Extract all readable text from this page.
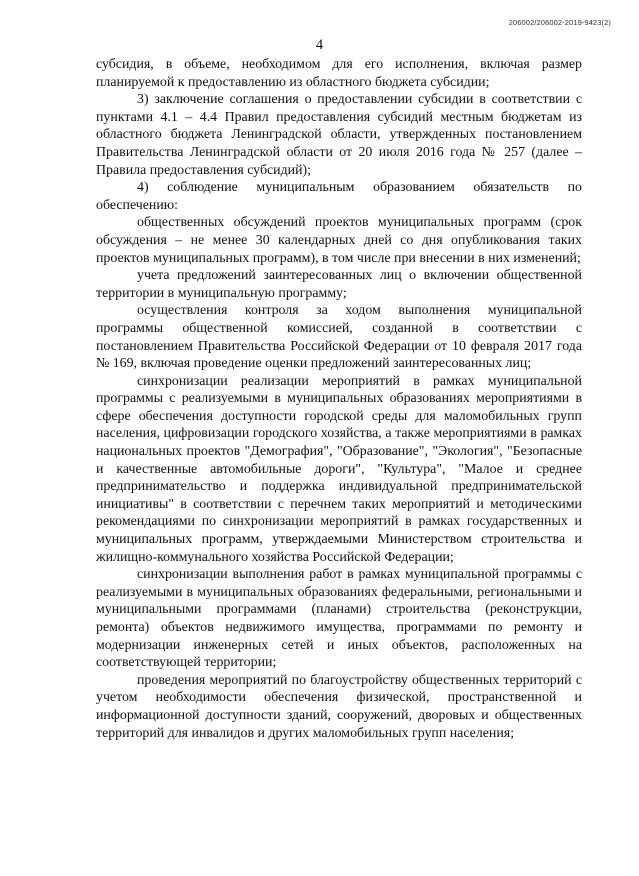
206002/206002-2019-9423(2)
4

субсидия, в объеме, необходимом для его исполнения, включая размер планируемой к предоставлению из областного бюджета субсидии;

3) заключение соглашения о предоставлении субсидии в соответствии с пунктами 4.1 – 4.4 Правил предоставления субсидий местным бюджетам из областного бюджета Ленинградской области, утвержденных постановлением Правительства Ленинградской области от 20 июля 2016 года № 257 (далее – Правила предоставления субсидий);

4) соблюдение муниципальным образованием обязательств по обеспечению:

общественных обсуждений проектов муниципальных программ (срок обсуждения – не менее 30 календарных дней со дня опубликования таких проектов муниципальных программ), в том числе при внесении в них изменений;

учета предложений заинтересованных лиц о включении общественной территории в муниципальную программу;

осуществления контроля за ходом выполнения муниципальной программы общественной комиссией, созданной в соответствии с постановлением Правительства Российской Федерации от 10 февраля 2017 года № 169, включая проведение оценки предложений заинтересованных лиц;

синхронизации реализации мероприятий в рамках муниципальной программы с реализуемыми в муниципальных образованиях мероприятиями в сфере обеспечения доступности городской среды для маломобильных групп населения, цифровизации городского хозяйства, а также мероприятиями в рамках национальных проектов "Демография", "Образование", "Экология", "Безопасные и качественные автомобильные дороги", "Культура", "Малое и среднее предпринимательство и поддержка индивидуальной предпринимательской инициативы" в соответствии с перечнем таких мероприятий и методическими рекомендациями по синхронизации мероприятий в рамках государственных и муниципальных программ, утверждаемыми Министерством строительства и жилищно-коммунального хозяйства Российской Федерации;

синхронизации выполнения работ в рамках муниципальной программы с реализуемыми в муниципальных образованиях федеральными, региональными и муниципальными программами (планами) строительства (реконструкции, ремонта) объектов недвижимого имущества, программами по ремонту и модернизации инженерных сетей и иных объектов, расположенных на соответствующей территории;

проведения мероприятий по благоустройству общественных территорий с учетом необходимости обеспечения физической, пространственной и информационной доступности зданий, сооружений, дворовых и общественных территорий для инвалидов и других маломобильных групп населения;
